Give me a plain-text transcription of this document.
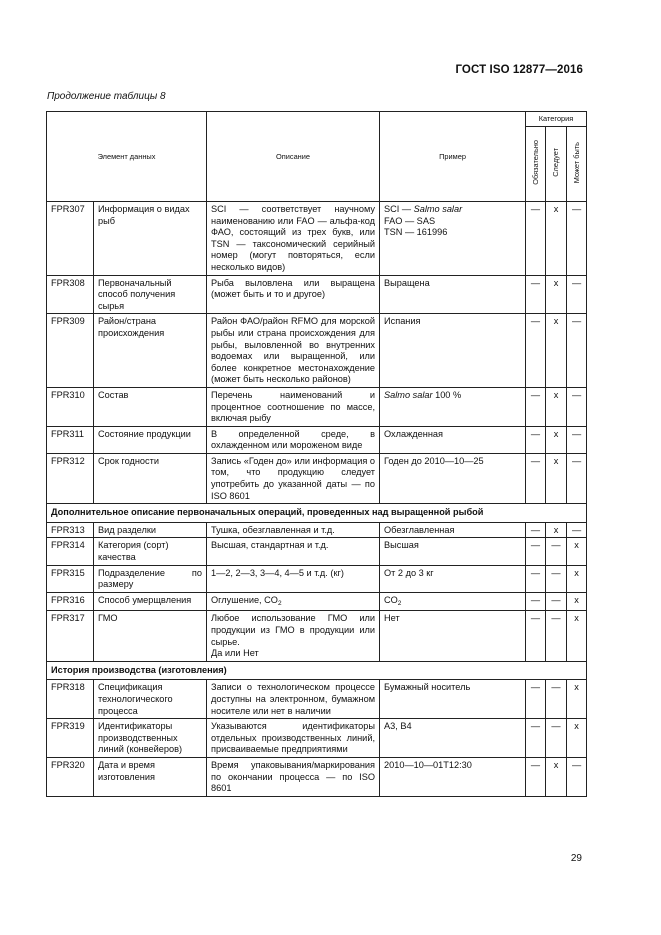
ГОСТ ISO 12877—2016
Продолжение таблицы 8
Элемент данных		Описание	Пример	Категория		
				Обязательно	Следует	Может быть
FPR307	Информация о видах рыб	SCI — соответствует научному наименованию или FAO — альфа-код ФАО, состоящий из трех букв, или TSN — таксономический серийный номер (могут повторяться, если несколько видов)	SCI — Salmo salar
FAO — SAS
TSN — 161996	—	x	—
FPR308	Первоначальный способ получения сырья	Рыба выловлена или выращена (может быть и то и другое)	Выращена	—	x	—
FPR309	Район/страна происхождения	Район ФАО/район RFMO для морской рыбы или страна происхождения для рыбы, выловленной во внутренних водоемах или выращенной, или более конкретное местонахождение (может быть несколько районов)	Испания	—	x	—
FPR310	Состав	Перечень наименований и процентное соотношение по массе, включая рыбу	Salmo salar 100 %	—	x	—
FPR311	Состояние продукции	В определенной среде, в охлажденном или мороженом виде	Охлажденная	—	x	—
FPR312	Срок годности	Запись «Годен до» или информация о том, что продукцию следует употребить до указанной даты — по ISO 8601	Годен до 2010—10—25	—	x	—
Дополнительное описание первоначальных операций, проведенных над выращенной рыбой						
FPR313	Вид разделки	Тушка, обезглавленная и т.д.	Обезглавленная	—	x	—
FPR314	Категория (сорт) качества	Высшая, стандартная и т.д.	Высшая	—	—	x
FPR315	Подразделение по размеру	1—2, 2—3, 3—4, 4—5 и т.д. (кг)	От 2 до 3 кг	—	—	x
FPR316	Способ умерщвления	Оглушение, $CO_2$	$CO_2$	—	—	x
FPR317	ГМО	Любое использование ГМО или продукции из ГМО в продукции или сырье.
Да или Нет	Нет	—	—	x
История производства (изготовления)						
FPR318	Спецификация технологического процесса	Записи о технологическом процессе доступны на электронном, бумажном носителе или нет в наличии	Бумажный носитель	—	—	x
FPR319	Идентификаторы производственных линий (конвейеров)	Указываются идентификаторы отдельных производственных линий, присваиваемые предприятиями	A3, B4	—	—	x
FPR320	Дата и время изготовления	Время упаковывания/маркирования по окончании процесса — по ISO 8601	2010—10—01T12:30	—	x	—
29
